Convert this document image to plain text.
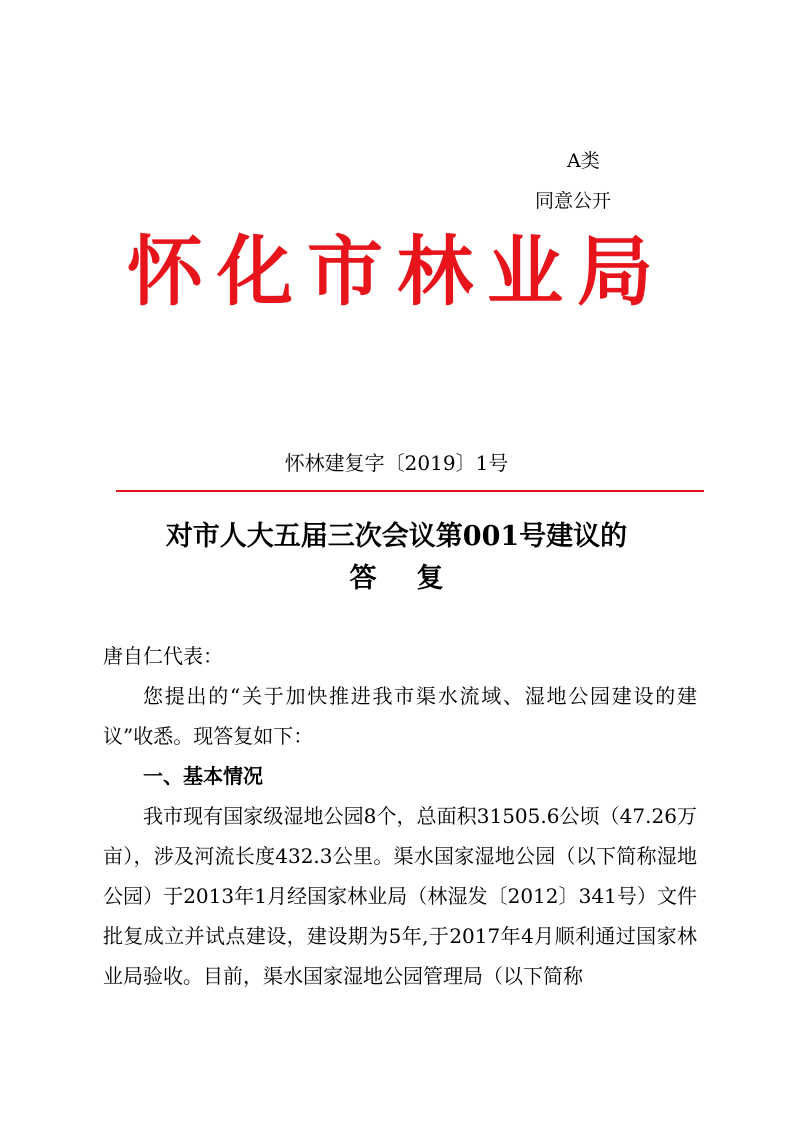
A类
同意公开
怀化市林业局
怀林建复字〔2019〕1号
对市人大五届三次会议第001号建议的
答复

唐自仁代表：

您提出的“关于加快推进我市渠水流域、湿地公园建设的建议”收悉。现答复如下：

一、基本情况

我市现有国家级湿地公园8个，总面积31505.6公顷（47.26万亩），涉及河流长度432.3公里。渠水国家湿地公园（以下简称湿地公园）于2013年1月经国家林业局（林湿发〔2012〕341号）文件批复成立并试点建设，建设期为5年,于2017年4月顺利通过国家林业局验收。目前，渠水国家湿地公园管理局（以下简称
